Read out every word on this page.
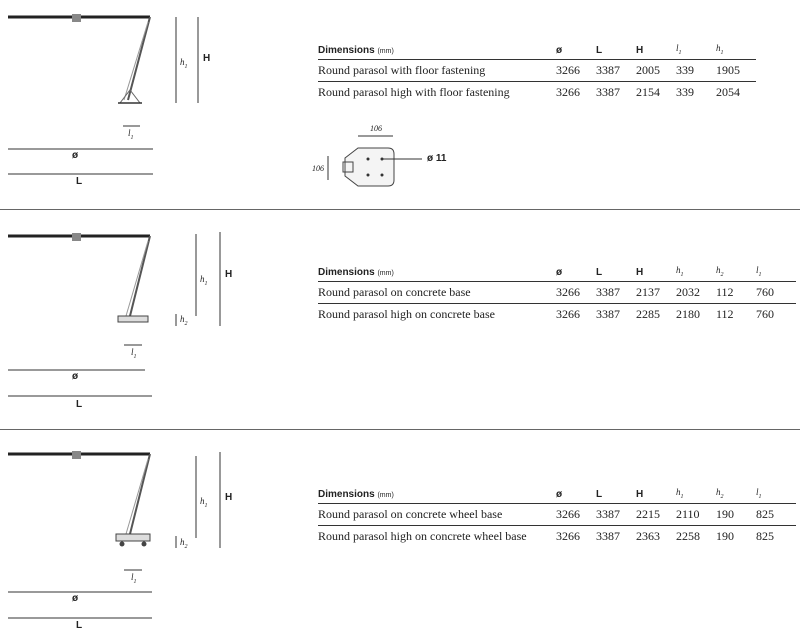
$h_1$
H
$l_1$
ø
L
Dimensions (mm)	ø	L	H	$l_1$	$h_1$
Round parasol with floor fastening	3266	3387	2005	339	1905
Round parasol high with floor fastening	3266	3387	2154	339	2054
106
106
ø 11
$h_1$
H
$h_2$
$l_1$
ø
L
Dimensions (mm)	ø	L	H	$h_1$	$h_2$	$l_1$
Round parasol on concrete base	3266	3387	2137	2032	112	760
Round parasol high on concrete base	3266	3387	2285	2180	112	760
$h_1$
H
$h_2$
$l_1$
ø
L
Dimensions (mm)	ø	L	H	$h_1$	$h_2$	$l_1$
Round parasol on concrete wheel base	3266	3387	2215	2110	190	825
Round parasol high on concrete wheel base	3266	3387	2363	2258	190	825
